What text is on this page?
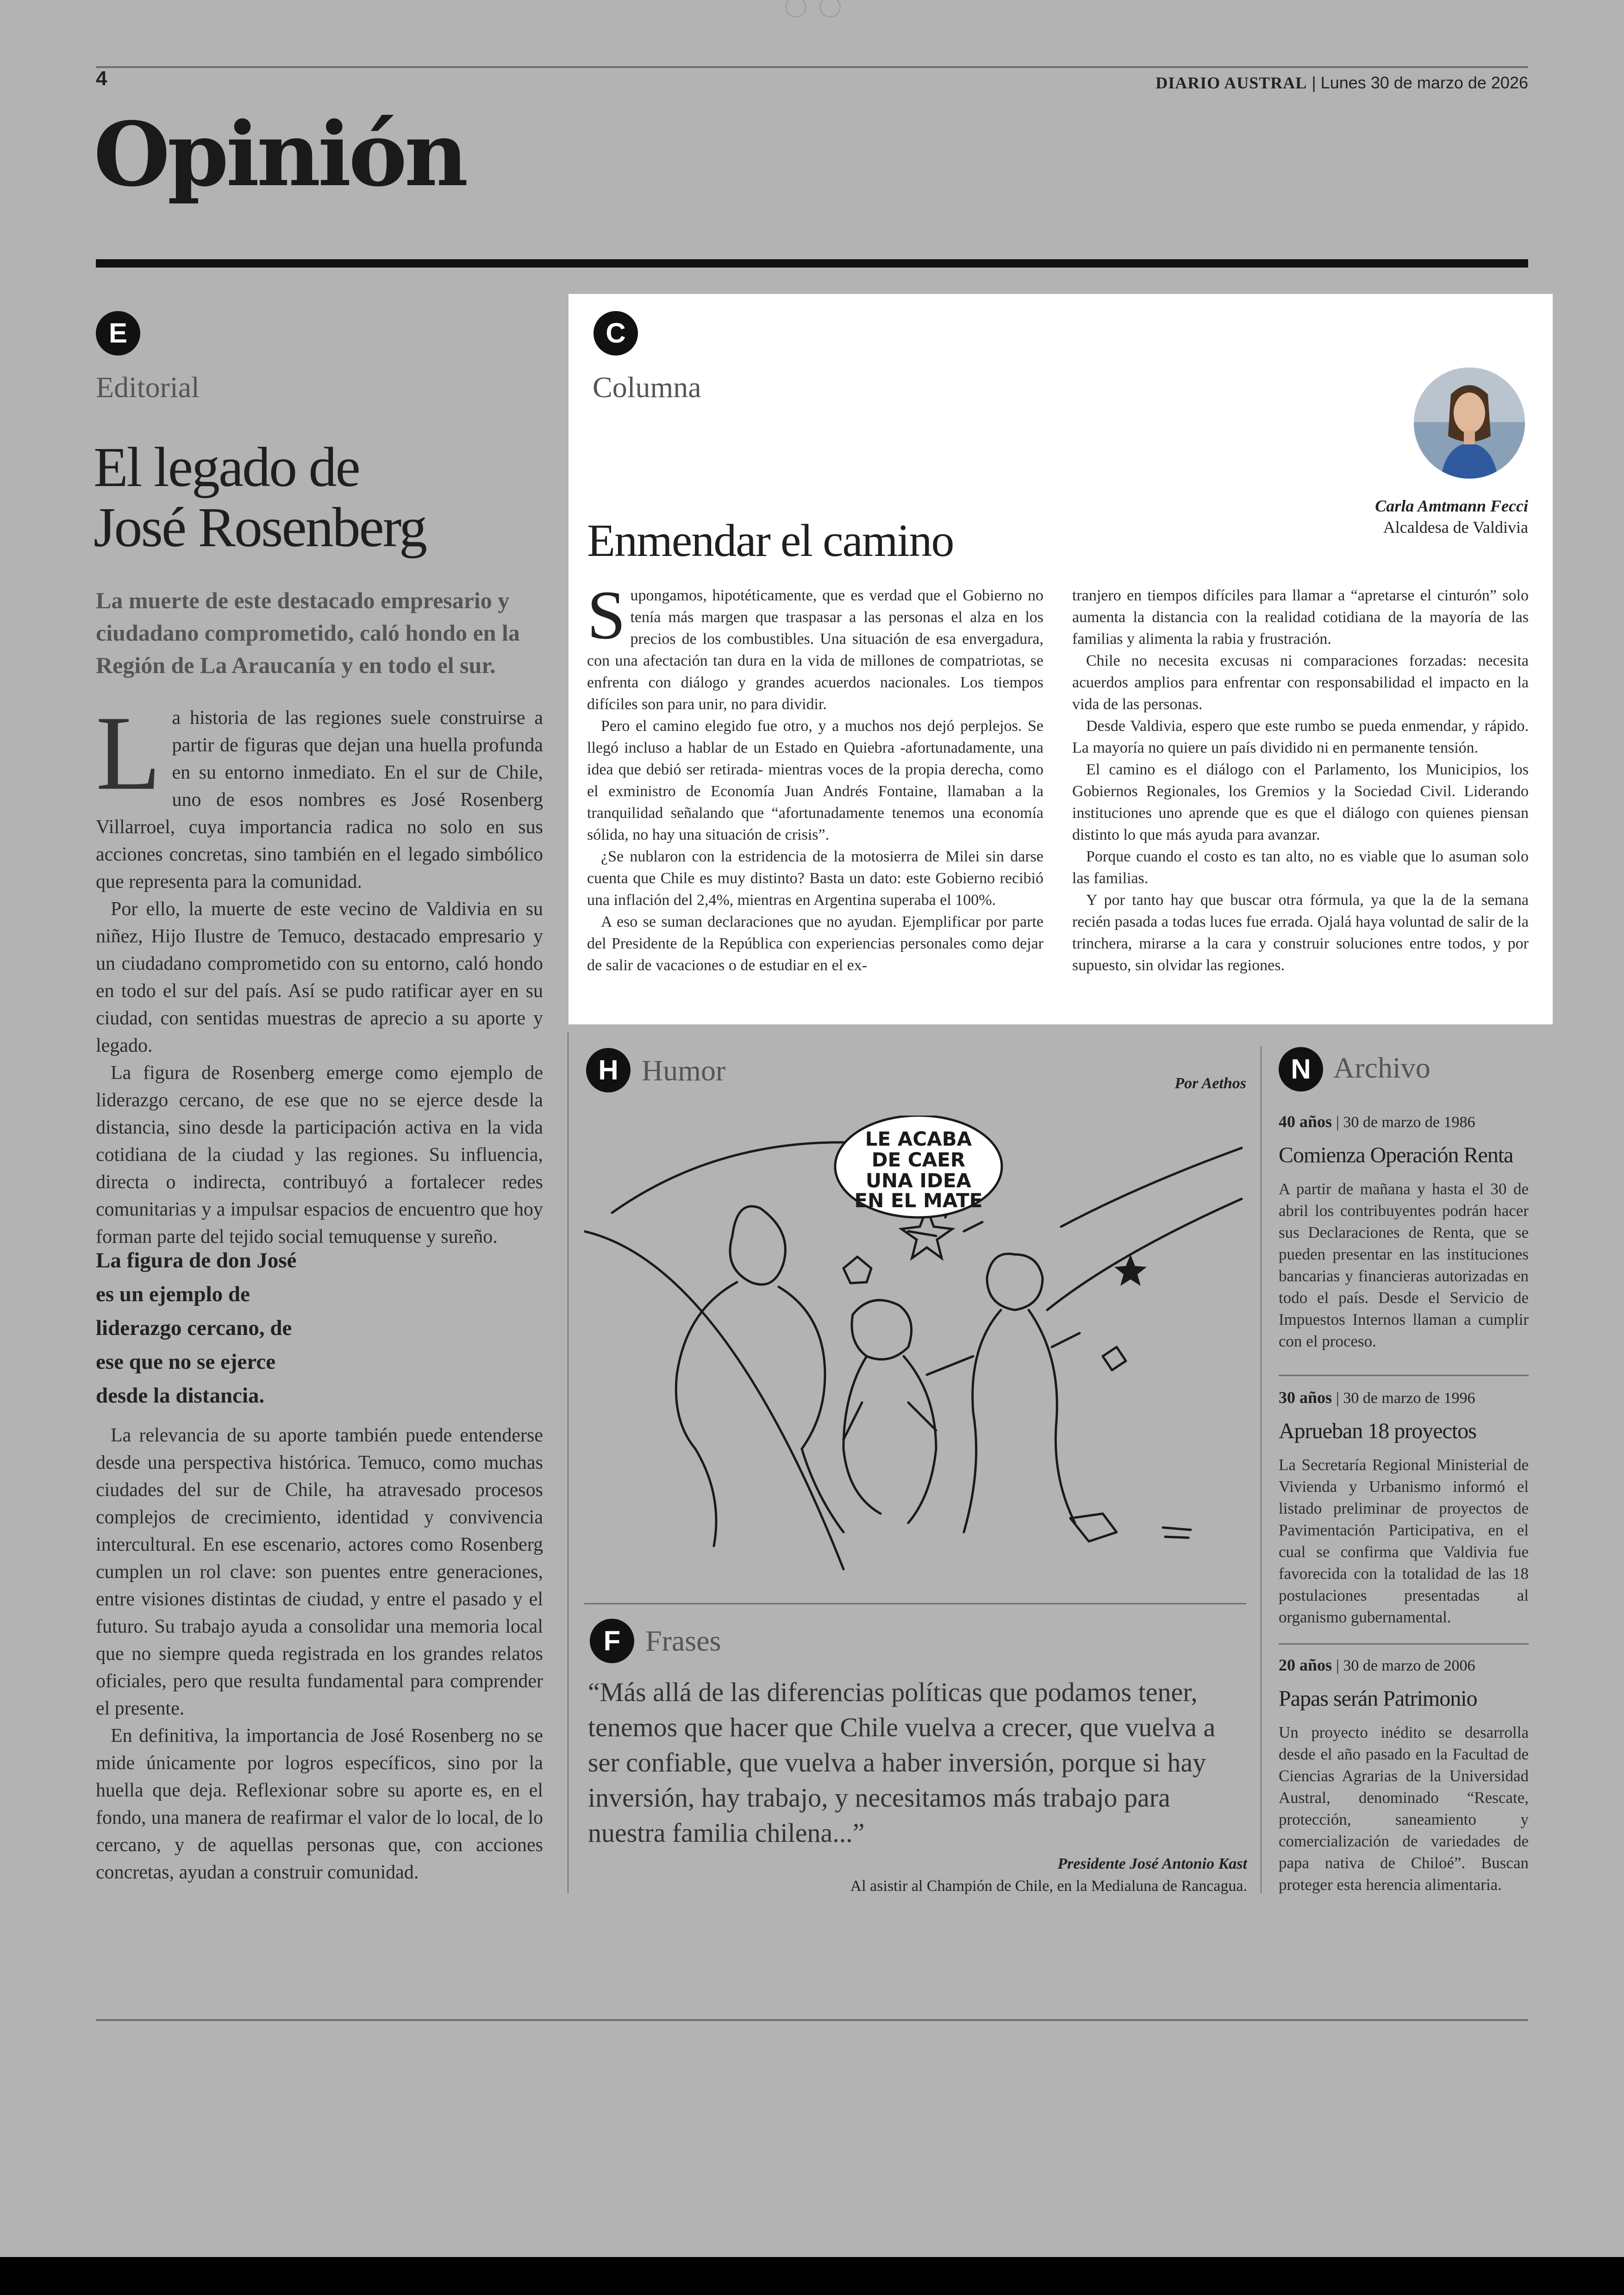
4	DIARIO AUSTRAL | Lunes 30 de marzo de 2026
Opinión
E
Editorial
El legado de
José Rosenberg
La muerte de este destacado empresario y ciudadano comprometido, caló hondo en la Región de La Araucanía y en todo el sur.

La historia de las regiones suele construirse a partir de figuras que dejan una huella profunda en su entorno inmediato. En el sur de Chile, uno de esos nombres es José Rosenberg Villarroel, cuya importancia radica no solo en sus acciones concretas, sino también en el legado simbólico que representa para la comunidad.

Por ello, la muerte de este vecino de Valdivia en su niñez, Hijo Ilustre de Temuco, destacado empresario y un ciudadano comprometido con su entorno, caló hondo en todo el sur del país. Así se pudo ratificar ayer en su ciudad, con sentidas muestras de aprecio a su aporte y legado.

La figura de Rosenberg emerge como ejemplo de liderazgo cercano, de ese que no se ejerce desde la distancia, sino desde la participación activa en la vida cotidiana de la ciudad y las regiones. Su influencia, directa o indirecta, contribuyó a fortalecer redes comunitarias y a impulsar espacios de encuentro que hoy forman parte del tejido social temuquense y sureño.

La figura de don José es un ejemplo de liderazgo cercano, de ese que no se ejerce desde la distancia.

La relevancia de su aporte también puede entenderse desde una perspectiva histórica. Temuco, como muchas ciudades del sur de Chile, ha atravesado procesos complejos de crecimiento, identidad y convivencia intercultural. En ese escenario, actores como Rosenberg cumplen un rol clave: son puentes entre generaciones, entre visiones distintas de ciudad, y entre el pasado y el futuro. Su trabajo ayuda a consolidar una memoria local que no siempre queda registrada en los grandes relatos oficiales, pero que resulta fundamental para comprender el presente.

En definitiva, la importancia de José Rosenberg no se mide únicamente por logros específicos, sino por la huella que deja. Reflexionar sobre su aporte es, en el fondo, una manera de reafirmar el valor de lo local, de lo cercano, y de aquellas personas que, con acciones concretas, ayudan a construir comunidad.

C
Columna
Carla Amtmann Fecci
Alcaldesa de Valdivia
Enmendar el camino

Supongamos, hipotéticamente, que es verdad que el Gobierno no tenía más margen que traspasar a las personas el alza en los precios de los combustibles. Una situación de esa envergadura, con una afectación tan dura en la vida de millones de compatriotas, se enfrenta con diálogo y grandes acuerdos nacionales. Los tiempos difíciles son para unir, no para dividir.

Pero el camino elegido fue otro, y a muchos nos dejó perplejos. Se llegó incluso a hablar de un Estado en Quiebra -afortunadamente, una idea que debió ser retirada- mientras voces de la propia derecha, como el exministro de Economía Juan Andrés Fontaine, llamaban a la tranquilidad señalando que “afortunadamente tenemos una economía sólida, no hay una situación de crisis”.

¿Se nublaron con la estridencia de la motosierra de Milei sin darse cuenta que Chile es muy distinto? Basta un dato: este Gobierno recibió una inflación del 2,4%, mientras en Argentina superaba el 100%.

A eso se suman declaraciones que no ayudan. Ejemplificar por parte del Presidente de la República con experiencias personales como dejar de salir de vacaciones o de estudiar en el ex-

tranjero en tiempos difíciles para llamar a “apretarse el cinturón” solo aumenta la distancia con la realidad cotidiana de la mayoría de las familias y alimenta la rabia y frustración.

Chile no necesita excusas ni comparaciones forzadas: necesita acuerdos amplios para enfrentar con responsabilidad el impacto en la vida de las personas.

Desde Valdivia, espero que este rumbo se pueda enmendar, y rápido. La mayoría no quiere un país dividido ni en permanente tensión.

El camino es el diálogo con el Parlamento, los Municipios, los Gobiernos Regionales, los Gremios y la Sociedad Civil. Liderando instituciones uno aprende que es que el diálogo con quienes piensan distinto lo que más ayuda para avanzar.

Porque cuando el costo es tan alto, no es viable que lo asuman solo las familias.

Y por tanto hay que buscar otra fórmula, ya que la de la semana recién pasada a todas luces fue errada. Ojalá haya voluntad de salir de la trinchera, mirarse a la cara y construir soluciones entre todos, y por supuesto, sin olvidar las regiones.

H Humor	Por Aethos
LE ACABA
DE CAER
UNA IDEA
EN EL MATE
F Frases
“Más allá de las diferencias políticas que podamos tener, tenemos que hacer que Chile vuelva a crecer, que vuelva a ser confiable, que vuelva a haber inversión, porque si hay inversión, hay trabajo, y necesitamos más trabajo para nuestra familia chilena...”
Presidente José Antonio Kast
Al asistir al Champión de Chile, en la Medialuna de Rancagua.
N Archivo
40 años | 30 de marzo de 1986
Comienza Operación Renta
A partir de mañana y hasta el 30 de abril los contribuyentes podrán hacer sus Declaraciones de Renta, que se pueden presentar en las instituciones bancarias y financieras autorizadas en todo el país. Desde el Servicio de Impuestos Internos llaman a cumplir con el proceso.
30 años | 30 de marzo de 1996
Aprueban 18 proyectos
La Secretaría Regional Ministerial de Vivienda y Urbanismo informó el listado preliminar de proyectos de Pavimentación Participativa, en el cual se confirma que Valdivia fue favorecida con la totalidad de las 18 postulaciones presentadas al organismo gubernamental.
20 años | 30 de marzo de 2006
Papas serán Patrimonio
Un proyecto inédito se desarrolla desde el año pasado en la Facultad de Ciencias Agrarias de la Universidad Austral, denominado “Rescate, protección, saneamiento y comercialización de variedades de papa nativa de Chiloé”. Buscan proteger esta herencia alimentaria.
